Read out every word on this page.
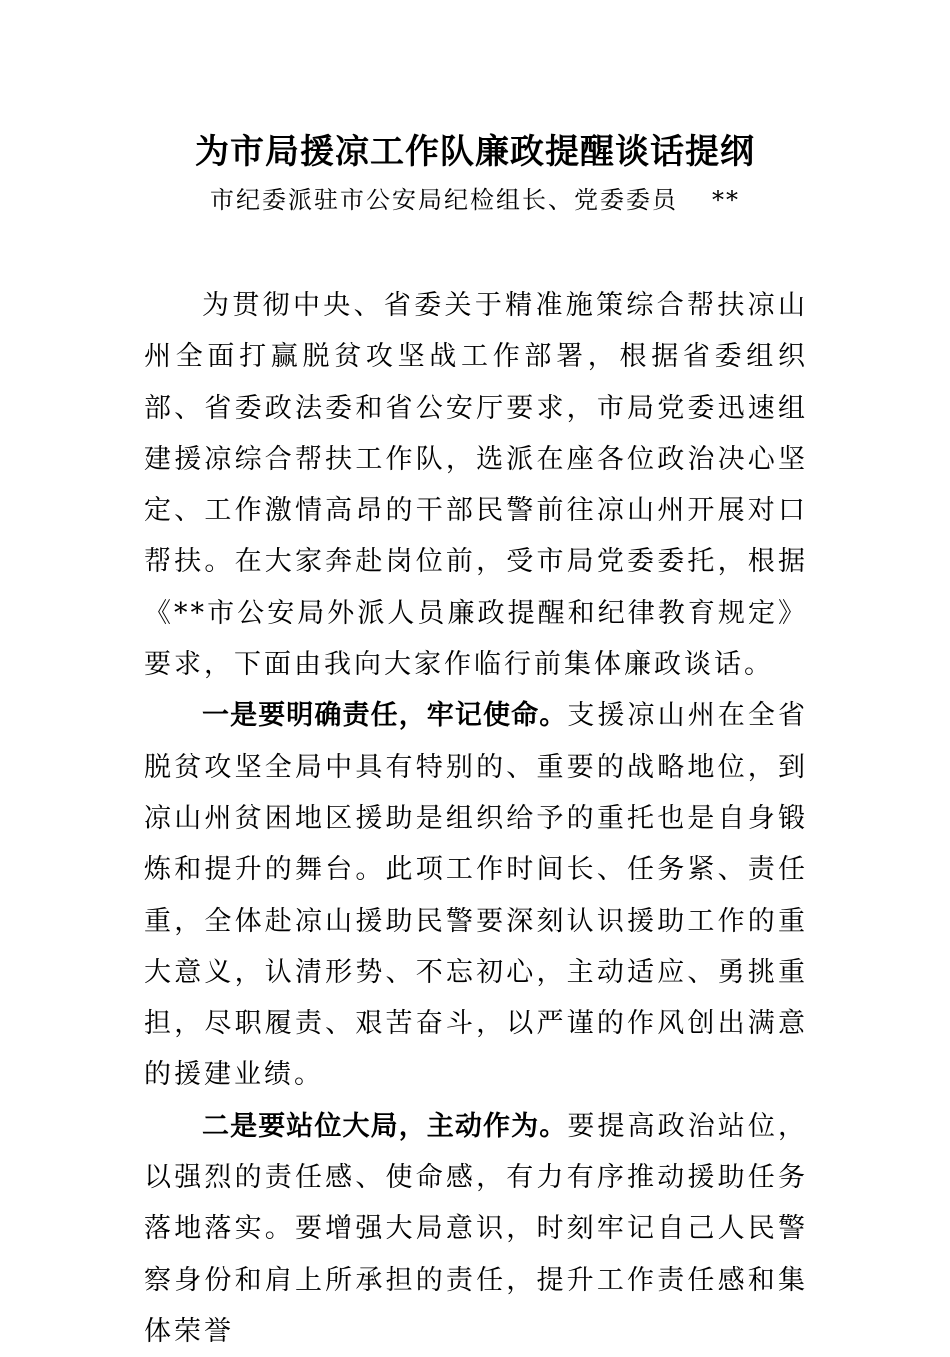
为市局援凉工作队廉政提醒谈话提纲

市纪委派驻市公安局纪检组长、党委委员 **

为贯彻中央、省委关于精准施策综合帮扶凉山州全面打赢脱贫攻坚战工作部署，根据省委组织部、省委政法委和省公安厅要求，市局党委迅速组建援凉综合帮扶工作队，选派在座各位政治决心坚定、工作激情高昂的干部民警前往凉山州开展对口帮扶。在大家奔赴岗位前，受市局党委委托，根据《**市公安局外派人员廉政提醒和纪律教育规定》要求，下面由我向大家作临行前集体廉政谈话。

一是要明确责任，牢记使命。支援凉山州在全省脱贫攻坚全局中具有特别的、重要的战略地位，到凉山州贫困地区援助是组织给予的重托也是自身锻炼和提升的舞台。此项工作时间长、任务紧、责任重，全体赴凉山援助民警要深刻认识援助工作的重大意义，认清形势、不忘初心，主动适应、勇挑重担，尽职履责、艰苦奋斗，以严谨的作风创出满意的援建业绩。

二是要站位大局，主动作为。要提高政治站位，以强烈的责任感、使命感，有力有序推动援助任务落地落实。要增强大局意识，时刻牢记自己人民警察身份和肩上所承担的责任，提升工作责任感和集体荣誉
